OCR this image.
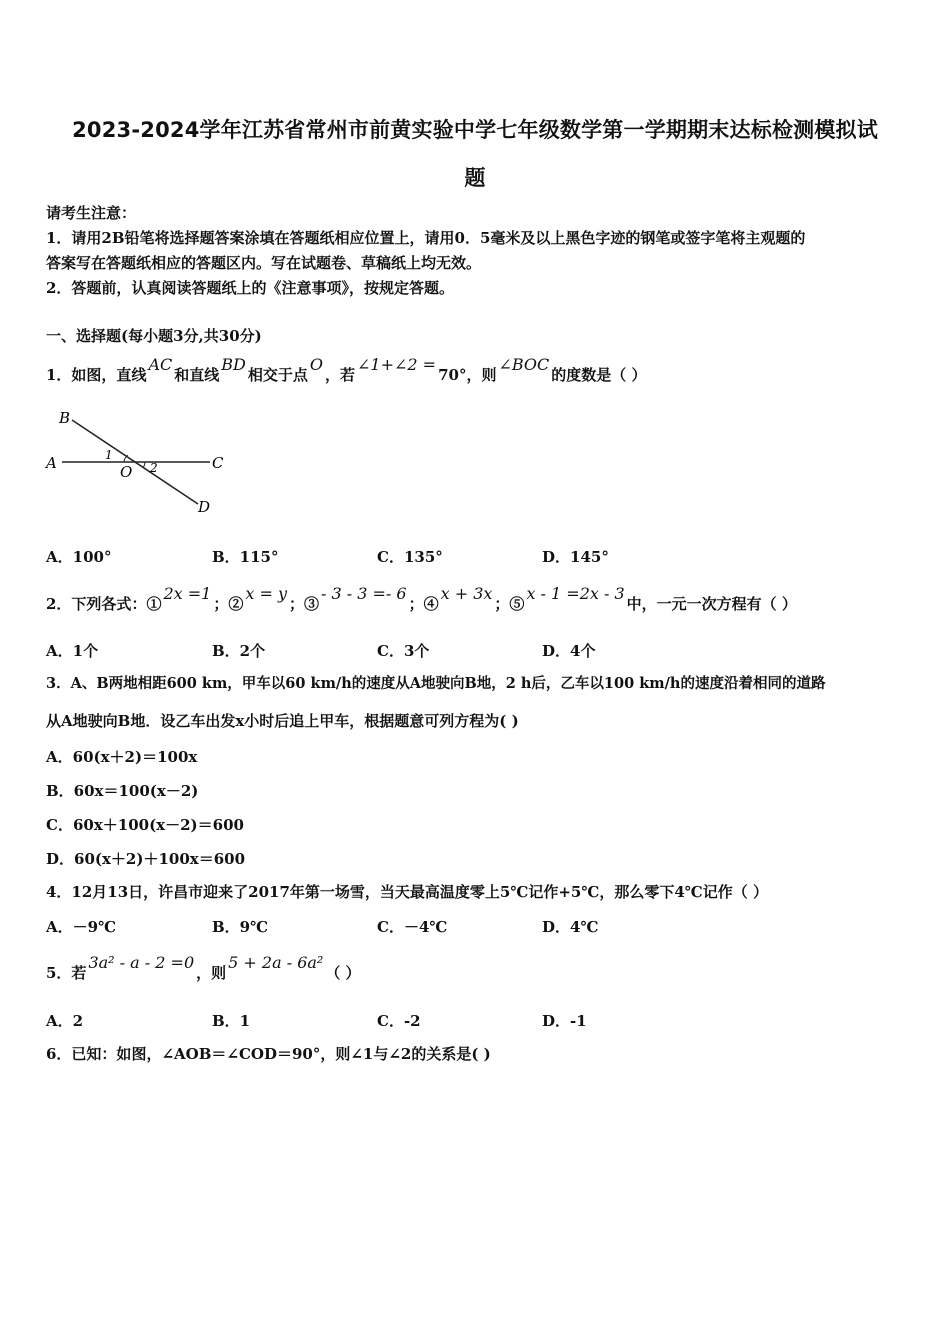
2023-2024学年江苏省常州市前黄实验中学七年级数学第一学期期末达标检测模拟试
题
请考生注意：
1．请用2B铅笔将选择题答案涂填在答题纸相应位置上，请用0．5毫米及以上黑色字迹的钢笔或签字笔将主观题的
答案写在答题纸相应的答题区内。写在试题卷、草稿纸上均无效。
2．答题前，认真阅读答题纸上的《注意事项》，按规定答题。
一、选择题(每小题3分,共30分)
1．如图，直线AC和直线BD相交于点O，若∠1+∠2 =70°，则∠BOC的度数是（ ）
B
A	C
D
O
1
2
A．100°	B．115°	C．135°	D．145°
2．下列各式：①2x =1；②x = y；③- 3 - 3 =- 6；④x + 3x；⑤x - 1 =2x - 3中，一元一次方程有（ ）
A．1个	B．2个	C．3个	D．4个
3．A、B两地相距600 km，甲车以60 km/h的速度从A地驶向B地，2 h后，乙车以100 km/h的速度沿着相同的道路
从A地驶向B地．设乙车出发x小时后追上甲车，根据题意可列方程为( )
A．60(x＋2)＝100x
B．60x＝100(x－2)
C．60x＋100(x－2)＝600
D．60(x＋2)＋100x＝600
4．12月13日，许昌市迎来了2017年第一场雪，当天最高温度零上5℃记作+5℃，那么零下4℃记作（ ）
A．－9℃	B．9℃	C．－4℃	D．4℃
5．若3a² - a - 2 =0，则5 + 2a - 6a²（ ）
A．2	B．1	C．-2	D．-1
6．已知：如图，∠AOB＝∠COD＝90°，则∠1与∠2的关系是( )
